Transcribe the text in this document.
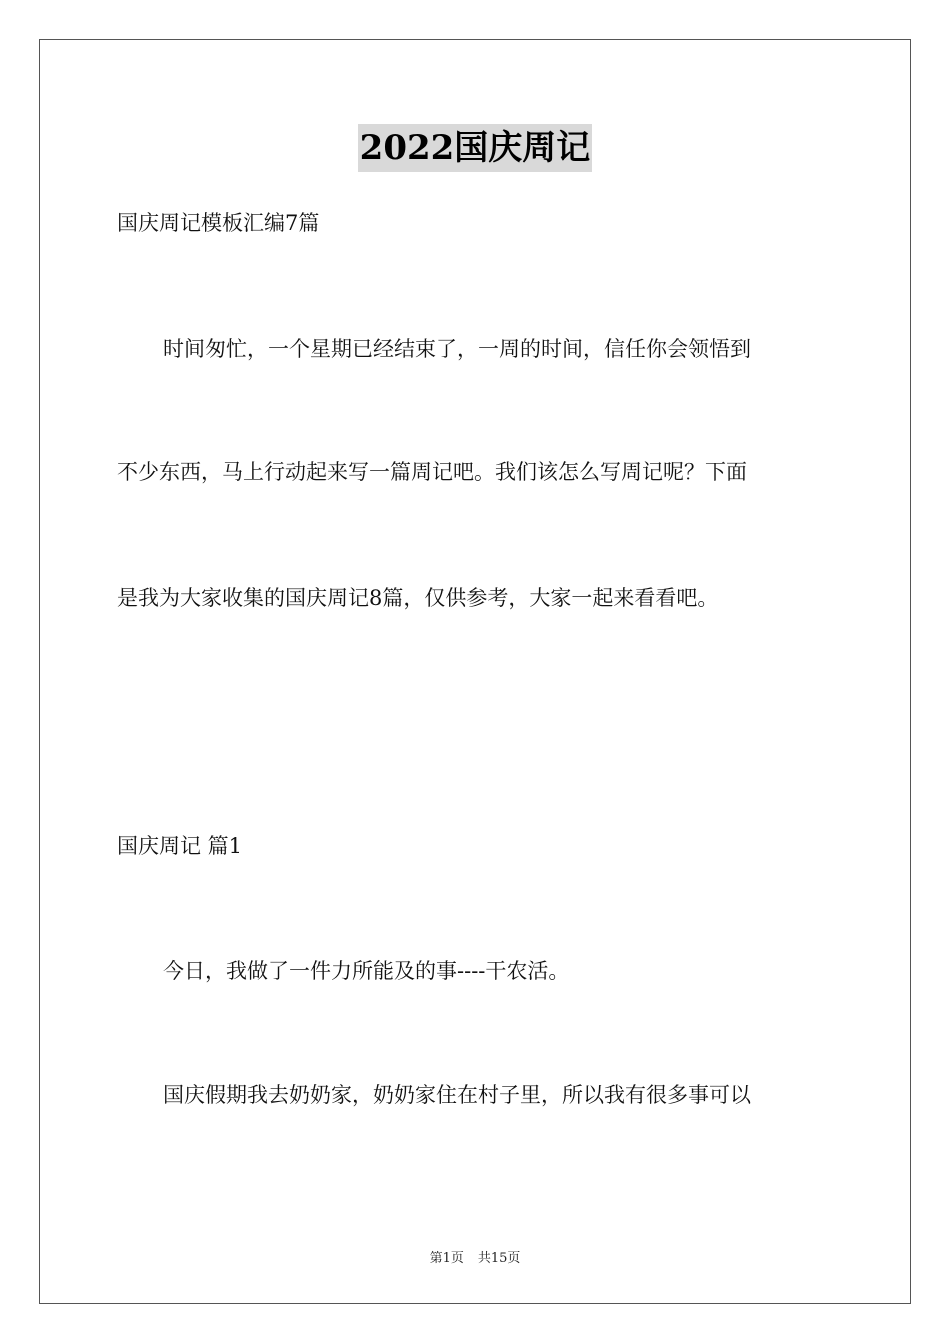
2022国庆周记
国庆周记模板汇编7篇
时间匆忙，一个星期已经结束了，一周的时间，信任你会领悟到
不少东西，马上行动起来写一篇周记吧。我们该怎么写周记呢？下面
是我为大家收集的国庆周记8篇，仅供参考，大家一起来看看吧。
国庆周记 篇1
今日，我做了一件力所能及的事----干农活。
国庆假期我去奶奶家，奶奶家住在村子里，所以我有很多事可以
第1页 共15页
